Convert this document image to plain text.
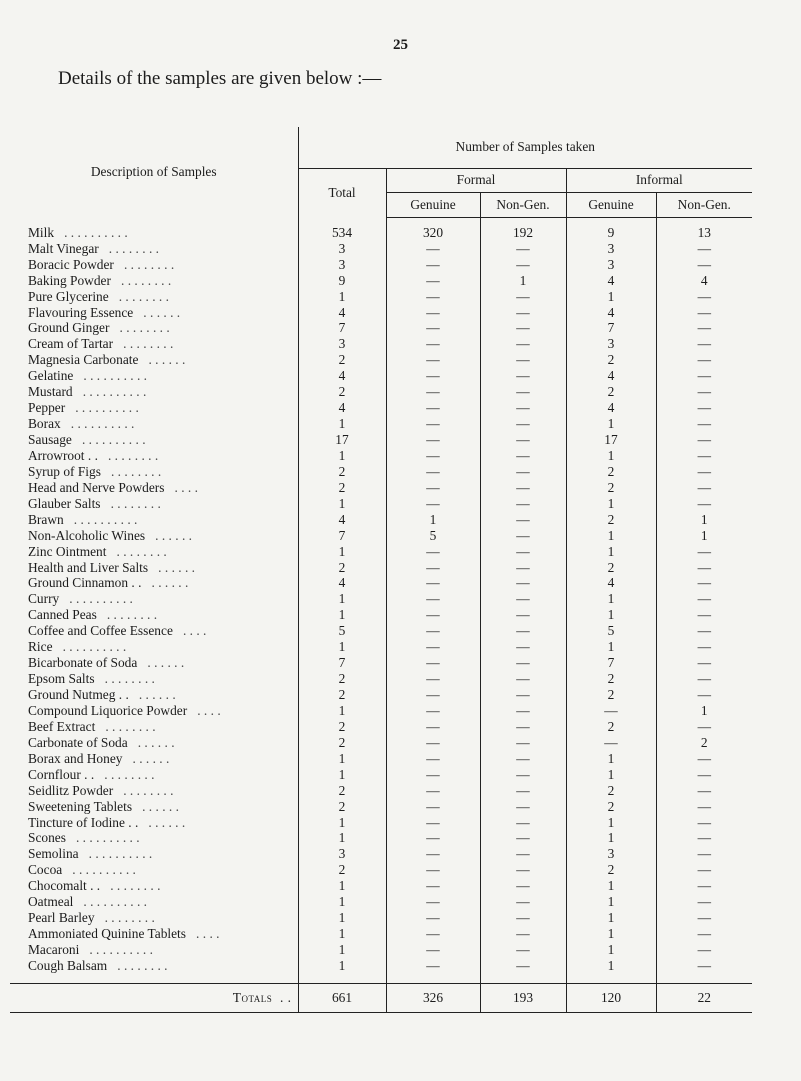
25
Details of the samples are given below :—
Description of Samples	Number of Samples taken				
	Total	Formal		Informal	
		Genuine	Non-Gen.	Genuine	Non-Gen.

Milk . . . . . . . . . .	534	320	192	9	13
Malt Vinegar . . . . . . . .	3	—	—	3	—
Boracic Powder . . . . . . . .	3	—	—	3	—
Baking Powder . . . . . . . .	9	—	1	4	4
Pure Glycerine . . . . . . . .	1	—	—	1	—
Flavouring Essence . . . . . .	4	—	—	4	—
Ground Ginger . . . . . . . .	7	—	—	7	—
Cream of Tartar . . . . . . . .	3	—	—	3	—
Magnesia Carbonate . . . . . .	2	—	—	2	—
Gelatine . . . . . . . . . .	4	—	—	4	—
Mustard . . . . . . . . . .	2	—	—	2	—
Pepper . . . . . . . . . .	4	—	—	4	—
Borax . . . . . . . . . .	1	—	—	1	—
Sausage . . . . . . . . . .	17	—	—	17	—
Arrowroot . . . . . . . . . .	1	—	—	1	—
Syrup of Figs . . . . . . . .	2	—	—	2	—
Head and Nerve Powders . . . .	2	—	—	2	—
Glauber Salts . . . . . . . .	1	—	—	1	—
Brawn . . . . . . . . . .	4	1	—	2	1
Non-Alcoholic Wines . . . . . .	7	5	—	1	1
Zinc Ointment . . . . . . . .	1	—	—	1	—
Health and Liver Salts . . . . . .	2	—	—	2	—
Ground Cinnamon . . . . . . . .	4	—	—	4	—
Curry . . . . . . . . . .	1	—	—	1	—
Canned Peas . . . . . . . .	1	—	—	1	—
Coffee and Coffee Essence . . . .	5	—	—	5	—
Rice . . . . . . . . . .	1	—	—	1	—
Bicarbonate of Soda . . . . . .	7	—	—	7	—
Epsom Salts . . . . . . . .	2	—	—	2	—
Ground Nutmeg . . . . . . . .	2	—	—	2	—
Compound Liquorice Powder . . . .	1	—	—	—	1
Beef Extract . . . . . . . .	2	—	—	2	—
Carbonate of Soda . . . . . .	2	—	—	—	2
Borax and Honey . . . . . .	1	—	—	1	—
Cornflour . . . . . . . . . .	1	—	—	1	—
Seidlitz Powder . . . . . . . .	2	—	—	2	—
Sweetening Tablets . . . . . .	2	—	—	2	—
Tincture of Iodine . . . . . . . .	1	—	—	1	—
Scones . . . . . . . . . .	1	—	—	1	—
Semolina . . . . . . . . . .	3	—	—	3	—
Cocoa . . . . . . . . . .	2	—	—	2	—
Chocomalt . . . . . . . . . .	1	—	—	1	—
Oatmeal . . . . . . . . . .	1	—	—	1	—
Pearl Barley . . . . . . . .	1	—	—	1	—
Ammoniated Quinine Tablets . . . .	1	—	—	1	—
Macaroni . . . . . . . . . .	1	—	—	1	—
Cough Balsam . . . . . . . .	1	—	—	1	—

Totals . .	661	326	193	120	22
